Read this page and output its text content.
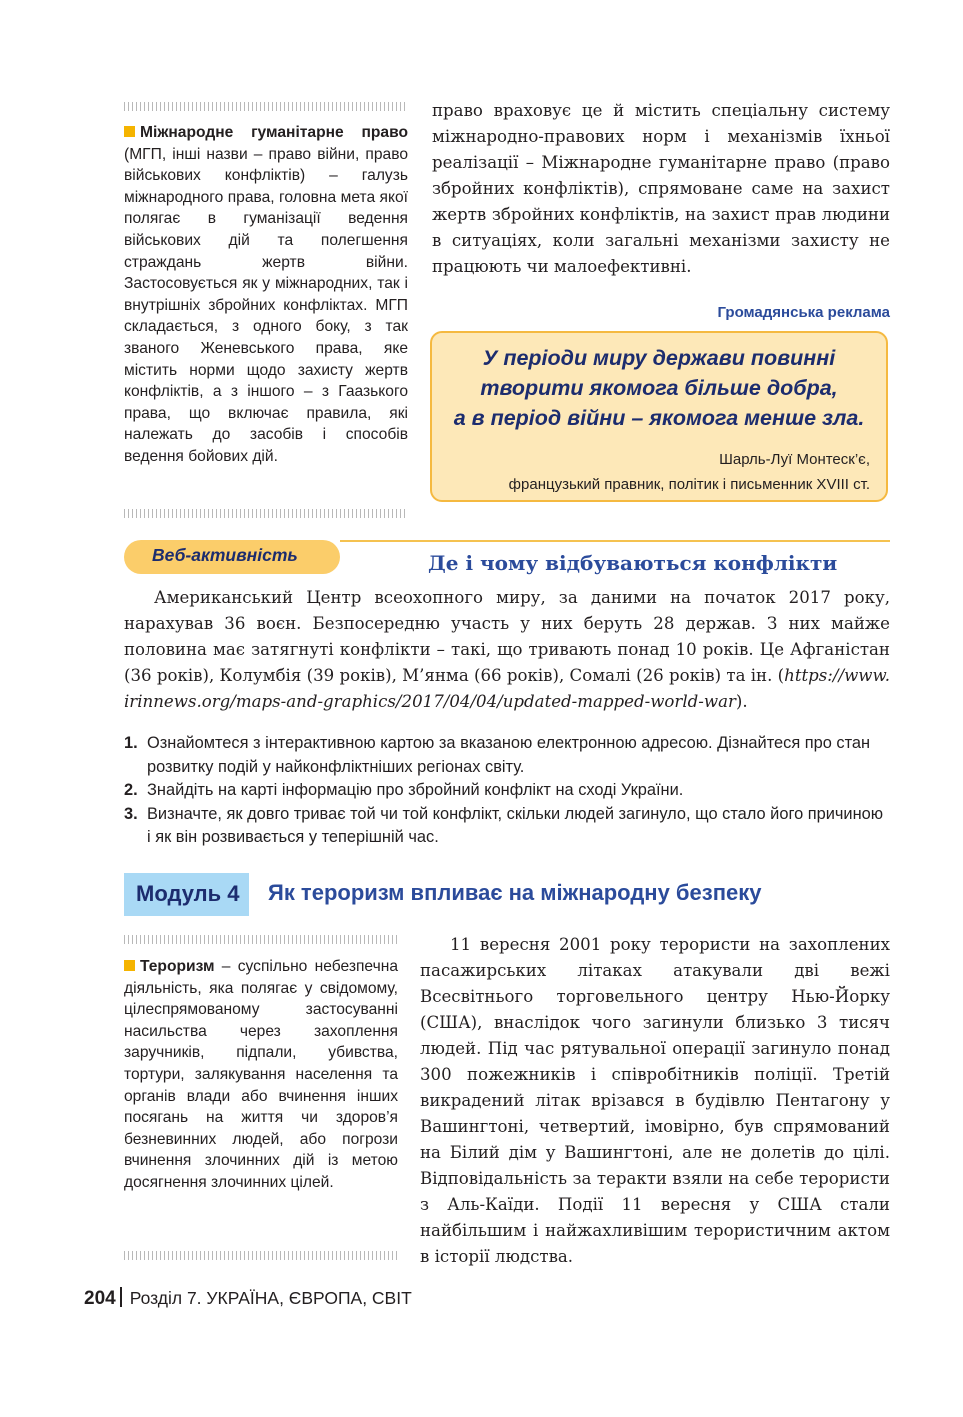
Міжнародне гуманітарне право (МГП, інші назви – право війни, право військових конфліктів) – галузь міжнародного права, головна мета якої полягає в гуманізації ведення військових дій та полегшення страждань жертв війни. Застосовується як у міжнародних, так і внутрішніх збройних конфліктах. МГП складається, з одного боку, з так званого Женевського права, яке містить норми щодо захисту жертв конфліктів, а з іншого – з Гаазького права, що включає правила, які належать до засобів і способів ведення бойових дій.

право враховує це й містить спеціальну систему міжнародно-правових норм і механізмів їхньої реалізації – Міжнародне гуманітарне право (право збройних конфліктів), спрямоване саме на захист жертв збройних конфліктів, на захист прав людини в ситуаціях, коли загальні механізми захисту не працюють чи малоефективні.

Громадянська реклама
У періоди миру держави повинні
творити якомога більше добра,
а в період війни – якомога менше зла.
Шарль-Луї Монтеск’є,
французький правник, політик і письменник XVIII ст.
Веб-активність	Де і чому відбуваються конфлікти

Американський Центр всеохопного миру, за даними на початок 2017 року, нарахував 36 воєн. Безпосередню участь у них беруть 28 держав. З них майже половина має затягнуті конфлікти – такі, що тривають понад 10 років. Це Афганістан (36 років), Колумбія (39 років), М’янма (66 років), Сомалі (26 років) та ін. (https://www.irinnews.org/maps-and-graphics/2017/04/04/updated-mapped-world-war).

1. Ознайомтеся з інтерактивною картою за вказаною електронною адресою. Дізнайтеся про стан розвитку подій у найконфліктніших регіонах світу.
2. Знайдіть на карті інформацію про збройний конфлікт на сході України.
3. Визначте, як довго триває той чи той конфлікт, скільки людей загинуло, що стало його причиною і як він розвивається у теперішній час.
Модуль 4 Як тероризм впливає на міжнародну безпеку
Тероризм – суспільно небезпечна діяльність, яка полягає у свідомому, цілеспрямованому застосуванні насильства через захоплення заручників, підпали, убивства, тортури, залякування населення та органів влади або вчинення інших посягань на життя чи здоров’я безневинних людей, або погрози вчинення злочинних дій із метою досягнення злочинних цілей.

11 вересня 2001 року терористи на захоплених пасажирських літаках атакували дві вежі Всесвітнього торговельного центру Нью-Йорку (США), внаслідок чого загинули близько 3 тисяч людей. Під час рятувальної операції загинуло понад 300 пожежників і співробітників поліції. Третій викрадений літак врізався в будівлю Пентагону у Вашингтоні, четвертий, імовірно, був спрямований на Білий дім у Вашингтоні, але не долетів до цілі. Відповідальність за теракти взяли на себе терористи з Аль-Каїди. Події 11 вересня у США стали найбільшим і найжахливішим терористичним актом в історії людства.

204 Розділ 7. УКРАЇНА, ЄВРОПА, СВІТ
